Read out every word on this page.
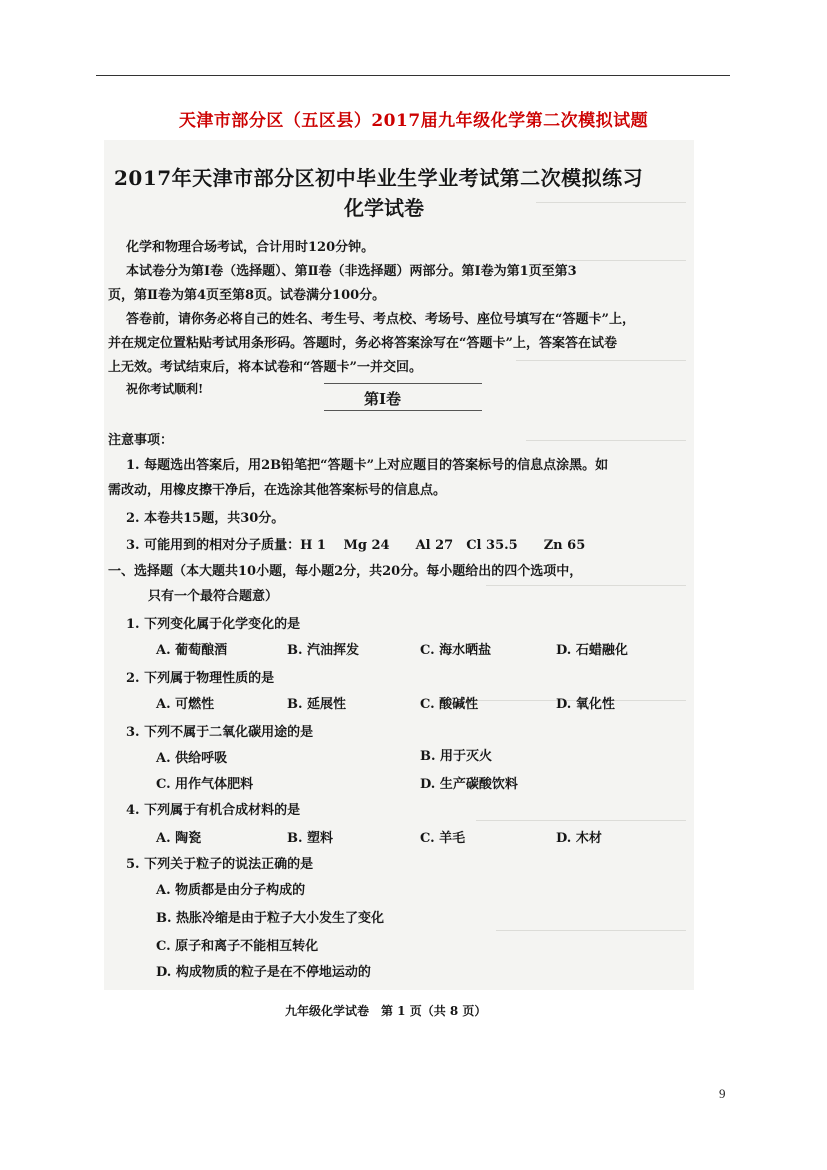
天津市部分区（五区县）2017届九年级化学第二次模拟试题
2017年天津市部分区初中毕业生学业考试第二次模拟练习
化学试卷
化学和物理合场考试，合计用时120分钟。
本试卷分为第Ⅰ卷（选择题）、第Ⅱ卷（非选择题）两部分。第Ⅰ卷为第1页至第3
页，第Ⅱ卷为第4页至第8页。试卷满分100分。
答卷前，请你务必将自己的姓名、考生号、考点校、考场号、座位号填写在“答题卡”上，
并在规定位置粘贴考试用条形码。答题时，务必将答案涂写在“答题卡”上，答案答在试卷
上无效。考试结束后，将本试卷和“答题卡”一并交回。
祝你考试顺利!
第Ⅰ卷
注意事项：
1. 每题选出答案后，用2B铅笔把“答题卡”上对应题目的答案标号的信息点涂黑。如
需改动，用橡皮擦干净后，在选涂其他答案标号的信息点。
2. 本卷共15题，共30分。
3. 可能用到的相对分子质量：H 1　 Mg 24　　Al 27　Cl 35.5　　Zn 65
一、选择题（本大题共10小题，每小题2分，共20分。每小题给出的四个选项中，
只有一个最符合题意）
1. 下列变化属于化学变化的是
A. 葡萄酿酒	B. 汽油挥发	C. 海水晒盐	D. 石蜡融化
2. 下列属于物理性质的是
A. 可燃性	B. 延展性	C. 酸碱性	D. 氧化性
3. 下列不属于二氧化碳用途的是
A. 供给呼吸	B. 用于灭火
C. 用作气体肥料	D. 生产碳酸饮料
4. 下列属于有机合成材料的是
A. 陶瓷	B. 塑料	C. 羊毛	D. 木材
5. 下列关于粒子的说法正确的是
A. 物质都是由分子构成的
B. 热胀冷缩是由于粒子大小发生了变化
C. 原子和离子不能相互转化
D. 构成物质的粒子是在不停地运动的
九年级化学试卷　第 1 页（共 8 页）
9
